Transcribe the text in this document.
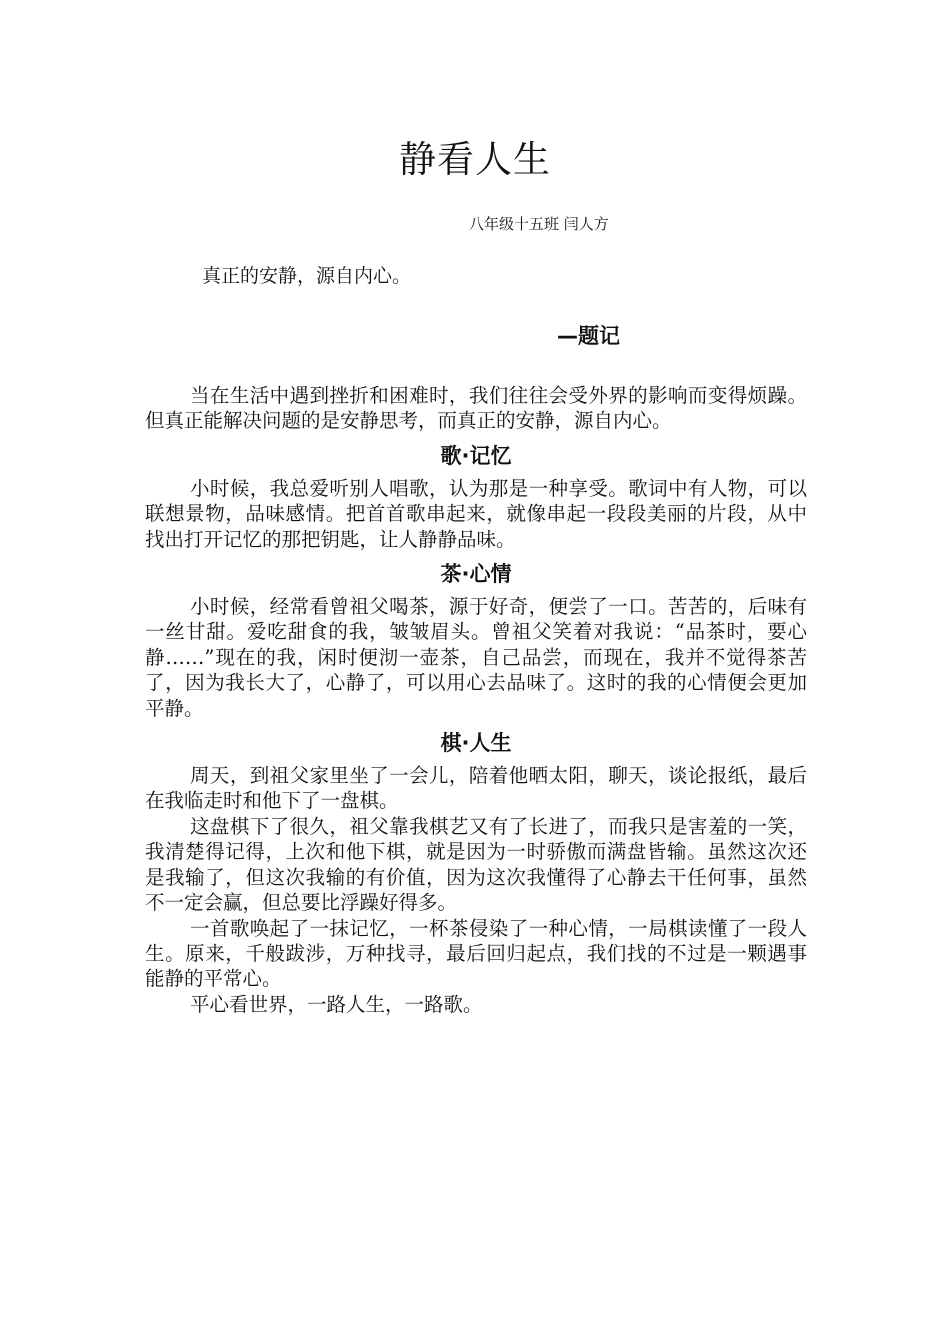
静看人生
八年级十五班 闫人方
真正的安静，源自内心。
—题记

当在生活中遇到挫折和困难时，我们往往会受外界的影响而变得烦躁。但真正能解决问题的是安静思考，而真正的安静，源自内心。

歌·记忆

小时候，我总爱听别人唱歌，认为那是一种享受。歌词中有人物，可以联想景物，品味感情。把首首歌串起来，就像串起一段段美丽的片段，从中找出打开记忆的那把钥匙，让人静静品味。

茶·心情

小时候，经常看曾祖父喝茶，源于好奇，便尝了一口。苦苦的，后味有一丝甘甜。爱吃甜食的我，皱皱眉头。曾祖父笑着对我说：“品茶时，要心静……”现在的我，闲时便沏一壶茶，自己品尝，而现在，我并不觉得茶苦了，因为我长大了，心静了，可以用心去品味了。这时的我的心情便会更加平静。

棋·人生

周天，到祖父家里坐了一会儿，陪着他晒太阳，聊天，谈论报纸，最后在我临走时和他下了一盘棋。

这盘棋下了很久，祖父靠我棋艺又有了长进了，而我只是害羞的一笑，我清楚得记得，上次和他下棋，就是因为一时骄傲而满盘皆输。虽然这次还是我输了，但这次我输的有价值，因为这次我懂得了心静去干任何事，虽然不一定会赢，但总要比浮躁好得多。

一首歌唤起了一抹记忆，一杯茶侵染了一种心情，一局棋读懂了一段人生。原来，千般跋涉，万种找寻，最后回归起点，我们找的不过是一颗遇事能静的平常心。

平心看世界，一路人生，一路歌。
